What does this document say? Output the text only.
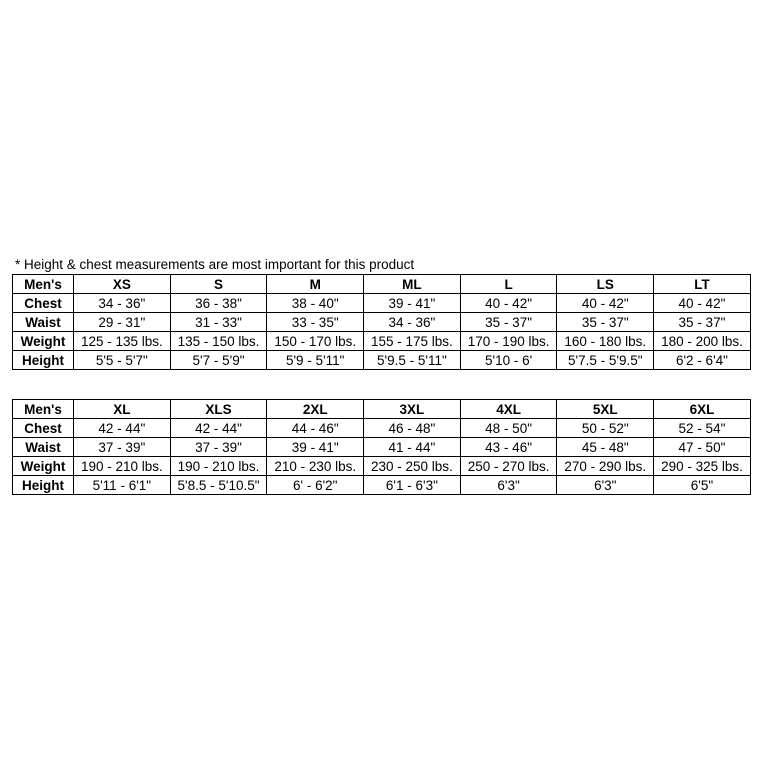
* Height & chest measurements are most important for this product
Men's	XS	S	M	ML	L	LS	LT
Chest	34 - 36"	36 - 38"	38 - 40"	39 - 41"	40 - 42"	40 - 42"	40 - 42"
Waist	29 - 31"	31 - 33"	33 - 35"	34 - 36"	35 - 37"	35 - 37"	35 - 37"
Weight	125 - 135 lbs.	135 - 150 lbs.	150 - 170 lbs.	155 - 175 lbs.	170 - 190 lbs.	160 - 180 lbs.	180 - 200 lbs.
Height	5'5 - 5'7"	5'7 - 5'9"	5'9 - 5'11"	5'9.5 - 5'11"	5'10 - 6'	5'7.5 - 5'9.5"	6'2 - 6'4"
Men's	XL	XLS	2XL	3XL	4XL	5XL	6XL
Chest	42 - 44"	42 - 44"	44 - 46"	46 - 48"	48 - 50"	50 - 52"	52 - 54"
Waist	37 - 39"	37 - 39"	39 - 41"	41 - 44"	43 - 46"	45 - 48"	47 - 50"
Weight	190 - 210 lbs.	190 - 210 lbs.	210 - 230 lbs.	230 - 250 lbs.	250 - 270 lbs.	270 - 290 lbs.	290 - 325 lbs.
Height	5'11 - 6'1"	5'8.5 - 5'10.5"	6' - 6'2"	6'1 - 6'3"	6'3"	6'3"	6'5"
